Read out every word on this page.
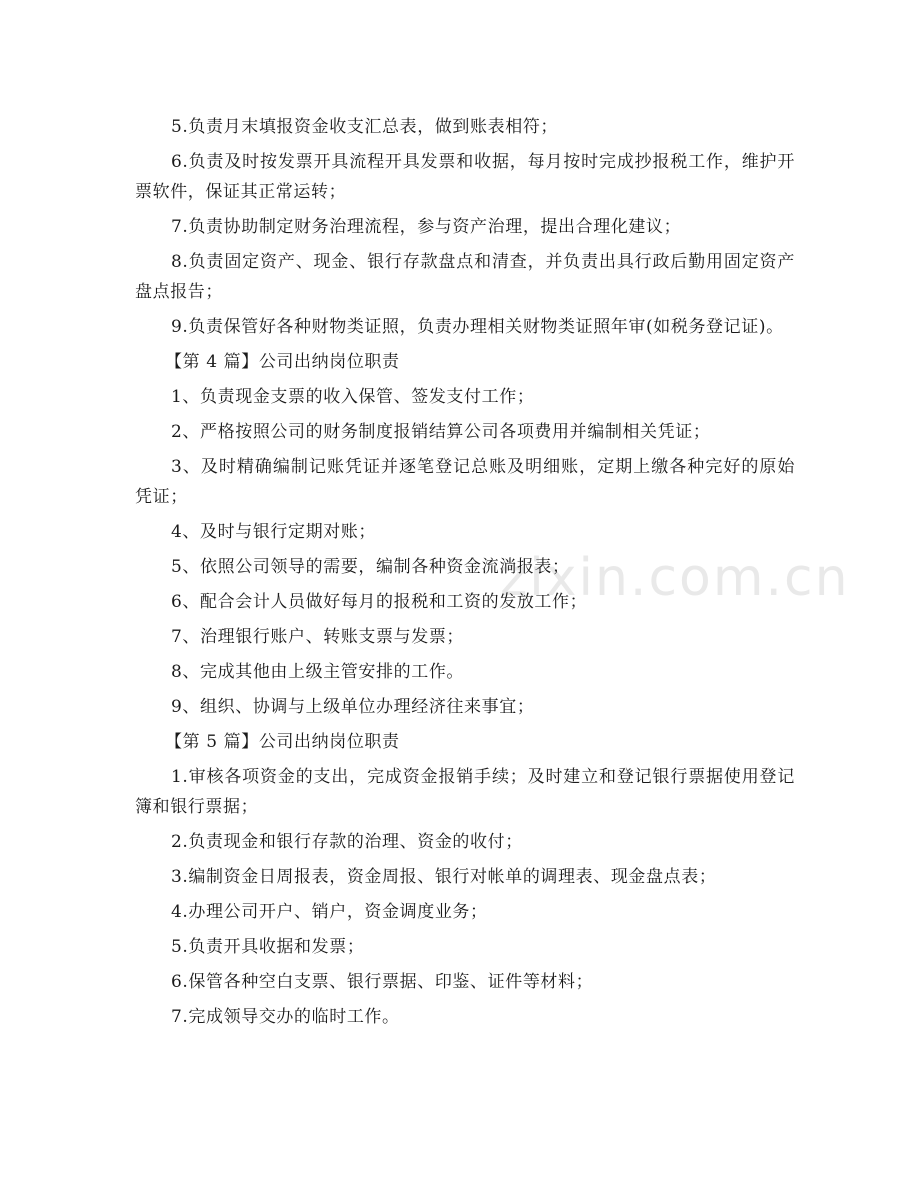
5.负责月末填报资金收支汇总表，做到账表相符；

6.负责及时按发票开具流程开具发票和收据，每月按时完成抄报税工作，维护开票软件，保证其正常运转；

7.负责协助制定财务治理流程，参与资产治理，提出合理化建议；

8.负责固定资产、现金、银行存款盘点和清查，并负责出具行政后勤用固定资产盘点报告；

9.负责保管好各种财物类证照，负责办理相关财物类证照年审(如税务登记证)。

【第 4 篇】公司出纳岗位职责

1、负责现金支票的收入保管、签发支付工作；

2、严格按照公司的财务制度报销结算公司各项费用并编制相关凭证；

3、及时精确编制记账凭证并逐笔登记总账及明细账，定期上缴各种完好的原始凭证；

4、及时与银行定期对账；

5、依照公司领导的需要，编制各种资金流淌报表；

6、配合会计人员做好每月的报税和工资的发放工作；

7、治理银行账户、转账支票与发票；

8、完成其他由上级主管安排的工作。

9、组织、协调与上级单位办理经济往来事宜；

【第 5 篇】公司出纳岗位职责

1.审核各项资金的支出，完成资金报销手续；及时建立和登记银行票据使用登记簿和银行票据；

2.负责现金和银行存款的治理、资金的收付；

3.编制资金日周报表，资金周报、银行对帐单的调理表、现金盘点表；

4.办理公司开户、销户，资金调度业务；

5.负责开具收据和发票；

6.保管各种空白支票、银行票据、印鉴、证件等材料；

7.完成领导交办的临时工作。

zixin.com.cn
